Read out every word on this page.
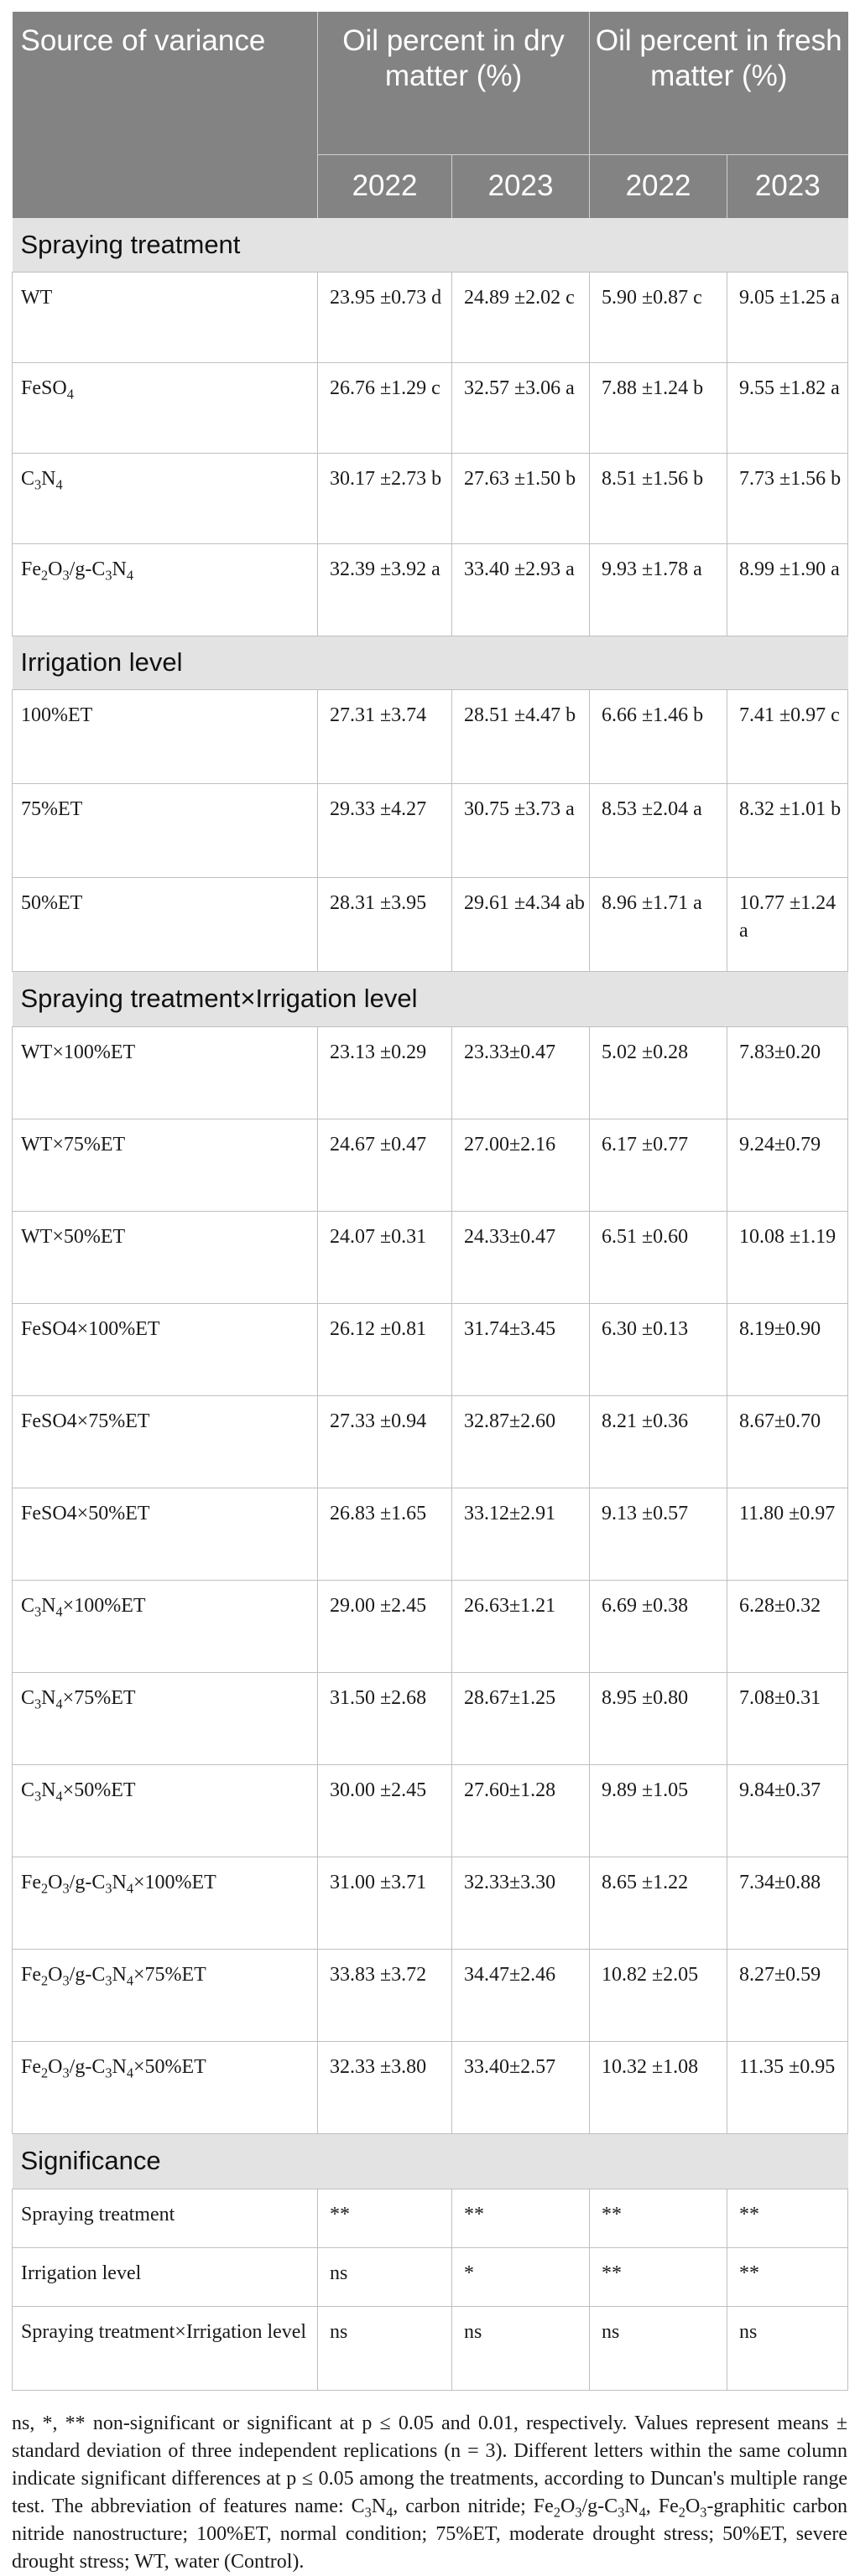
Source of variance	Oil percent in dry matter (%)		Oil percent in fresh matter (%)	
	2022	2023	2022	2023
Spraying treatment				
WT	23.95 ±0.73 d	24.89 ±2.02 c	5.90 ±0.87 c	9.05 ±1.25 a
FeSO$_4$	26.76 ±1.29 c	32.57 ±3.06 a	7.88 ±1.24 b	9.55 ±1.82 a
$C_3N_4$	30.17 ±2.73 b	27.63 ±1.50 b	8.51 ±1.56 b	7.73 ±1.56 b
$Fe_2O_3/g-C_3N_4$	32.39 ±3.92 a	33.40 ±2.93 a	9.93 ±1.78 a	8.99 ±1.90 a
Irrigation level				
100%ET	27.31 ±3.74	28.51 ±4.47 b	6.66 ±1.46 b	7.41 ±0.97 c
75%ET	29.33 ±4.27	30.75 ±3.73 a	8.53 ±2.04 a	8.32 ±1.01 b
50%ET	28.31 ±3.95	29.61 ±4.34 ab	8.96 ±1.71 a	10.77 ±1.24 a
Spraying treatment×Irrigation level				
WT×100%ET	23.13 ±0.29	23.33±0.47	5.02 ±0.28	7.83±0.20
WT×75%ET	24.67 ±0.47	27.00±2.16	6.17 ±0.77	9.24±0.79
WT×50%ET	24.07 ±0.31	24.33±0.47	6.51 ±0.60	10.08 ±1.19
FeSO4×100%ET	26.12 ±0.81	31.74±3.45	6.30 ±0.13	8.19±0.90
FeSO4×75%ET	27.33 ±0.94	32.87±2.60	8.21 ±0.36	8.67±0.70
FeSO4×50%ET	26.83 ±1.65	33.12±2.91	9.13 ±0.57	11.80 ±0.97
$C_3N_4\times 100\%ET$	29.00 ±2.45	26.63±1.21	6.69 ±0.38	6.28±0.32
$C_3N_4\times 75\%ET$	31.50 ±2.68	28.67±1.25	8.95 ±0.80	7.08±0.31
$C_3N_4\times 50\%ET$	30.00 ±2.45	27.60±1.28	9.89 ±1.05	9.84±0.37
$Fe_2O_3/g-C_3N_4\times 100\%ET$	31.00 ±3.71	32.33±3.30	8.65 ±1.22	7.34±0.88
$Fe_2O_3/g-C_3N_4\times 75\%ET$	33.83 ±3.72	34.47±2.46	10.82 ±2.05	8.27±0.59
$Fe_2O_3/g-C_3N_4\times 50\%ET$	32.33 ±3.80	33.40±2.57	10.32 ±1.08	11.35 ±0.95
Significance				
Spraying treatment	**	**	**	**
Irrigation level	ns	*	**	**
Spraying treatment×Irrigation level	ns	ns	ns	ns
ns, *, ** non-significant or significant at p ≤ 0.05 and 0.01, respectively. Values represent means ± standard deviation of three independent replications (n = 3). Different letters within the same column indicate significant differences at p ≤ 0.05 among the treatments, according to Duncan's multiple range test. The abbreviation of features name: $C_3N_4$, carbon nitride; $Fe_2O_3/g-C_3N_4$, $Fe_2O_3$-graphitic carbon nitride nanostructure; 100%ET, normal condition; 75%ET, moderate drought stress; 50%ET, severe drought stress; WT, water (Control).
